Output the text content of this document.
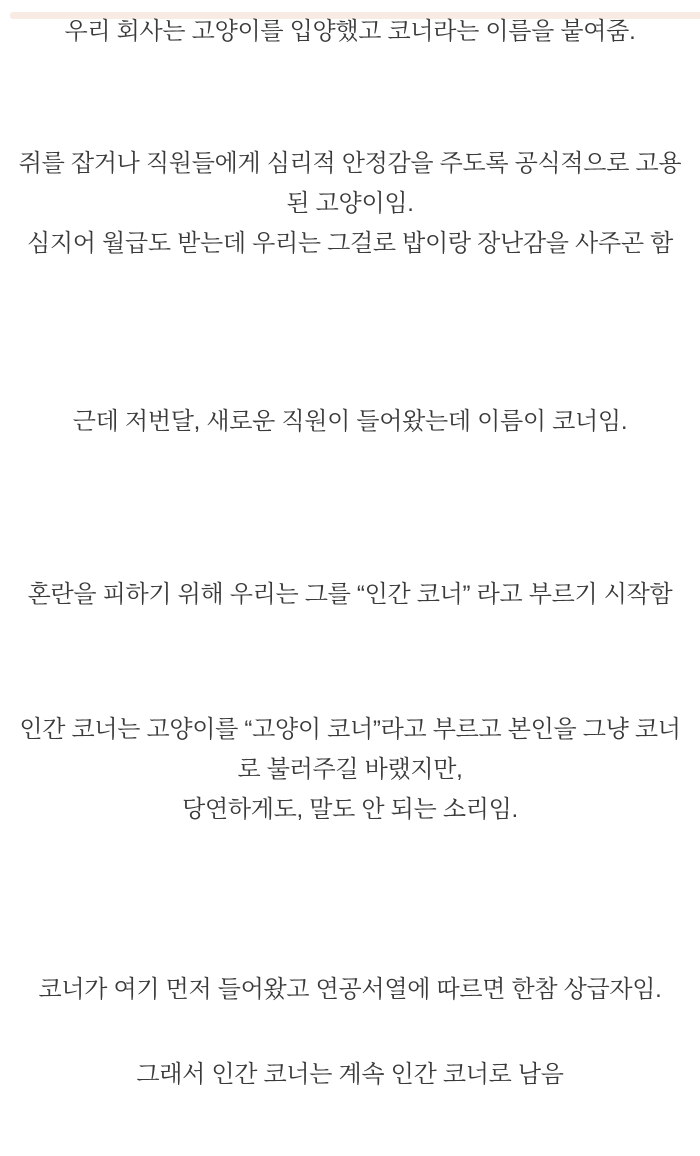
우리 회사는 고양이를 입양했고 코너라는 이름을 붙여줌.

쥐를 잡거나 직원들에게 심리적 안정감을 주도록 공식적으로 고용된 고양이임.

심지어 월급도 받는데 우리는 그걸로 밥이랑 장난감을 사주곤 함

근데 저번달, 새로운 직원이 들어왔는데 이름이 코너임.

혼란을 피하기 위해 우리는 그를 “인간 코너” 라고 부르기 시작함

인간 코너는 고양이를 “고양이 코너”라고 부르고 본인을 그냥 코너로 불러주길 바랬지만,

당연하게도, 말도 안 되는 소리임.

코너가 여기 먼저 들어왔고 연공서열에 따르면 한참 상급자임.

그래서 인간 코너는 계속 인간 코너로 남음
